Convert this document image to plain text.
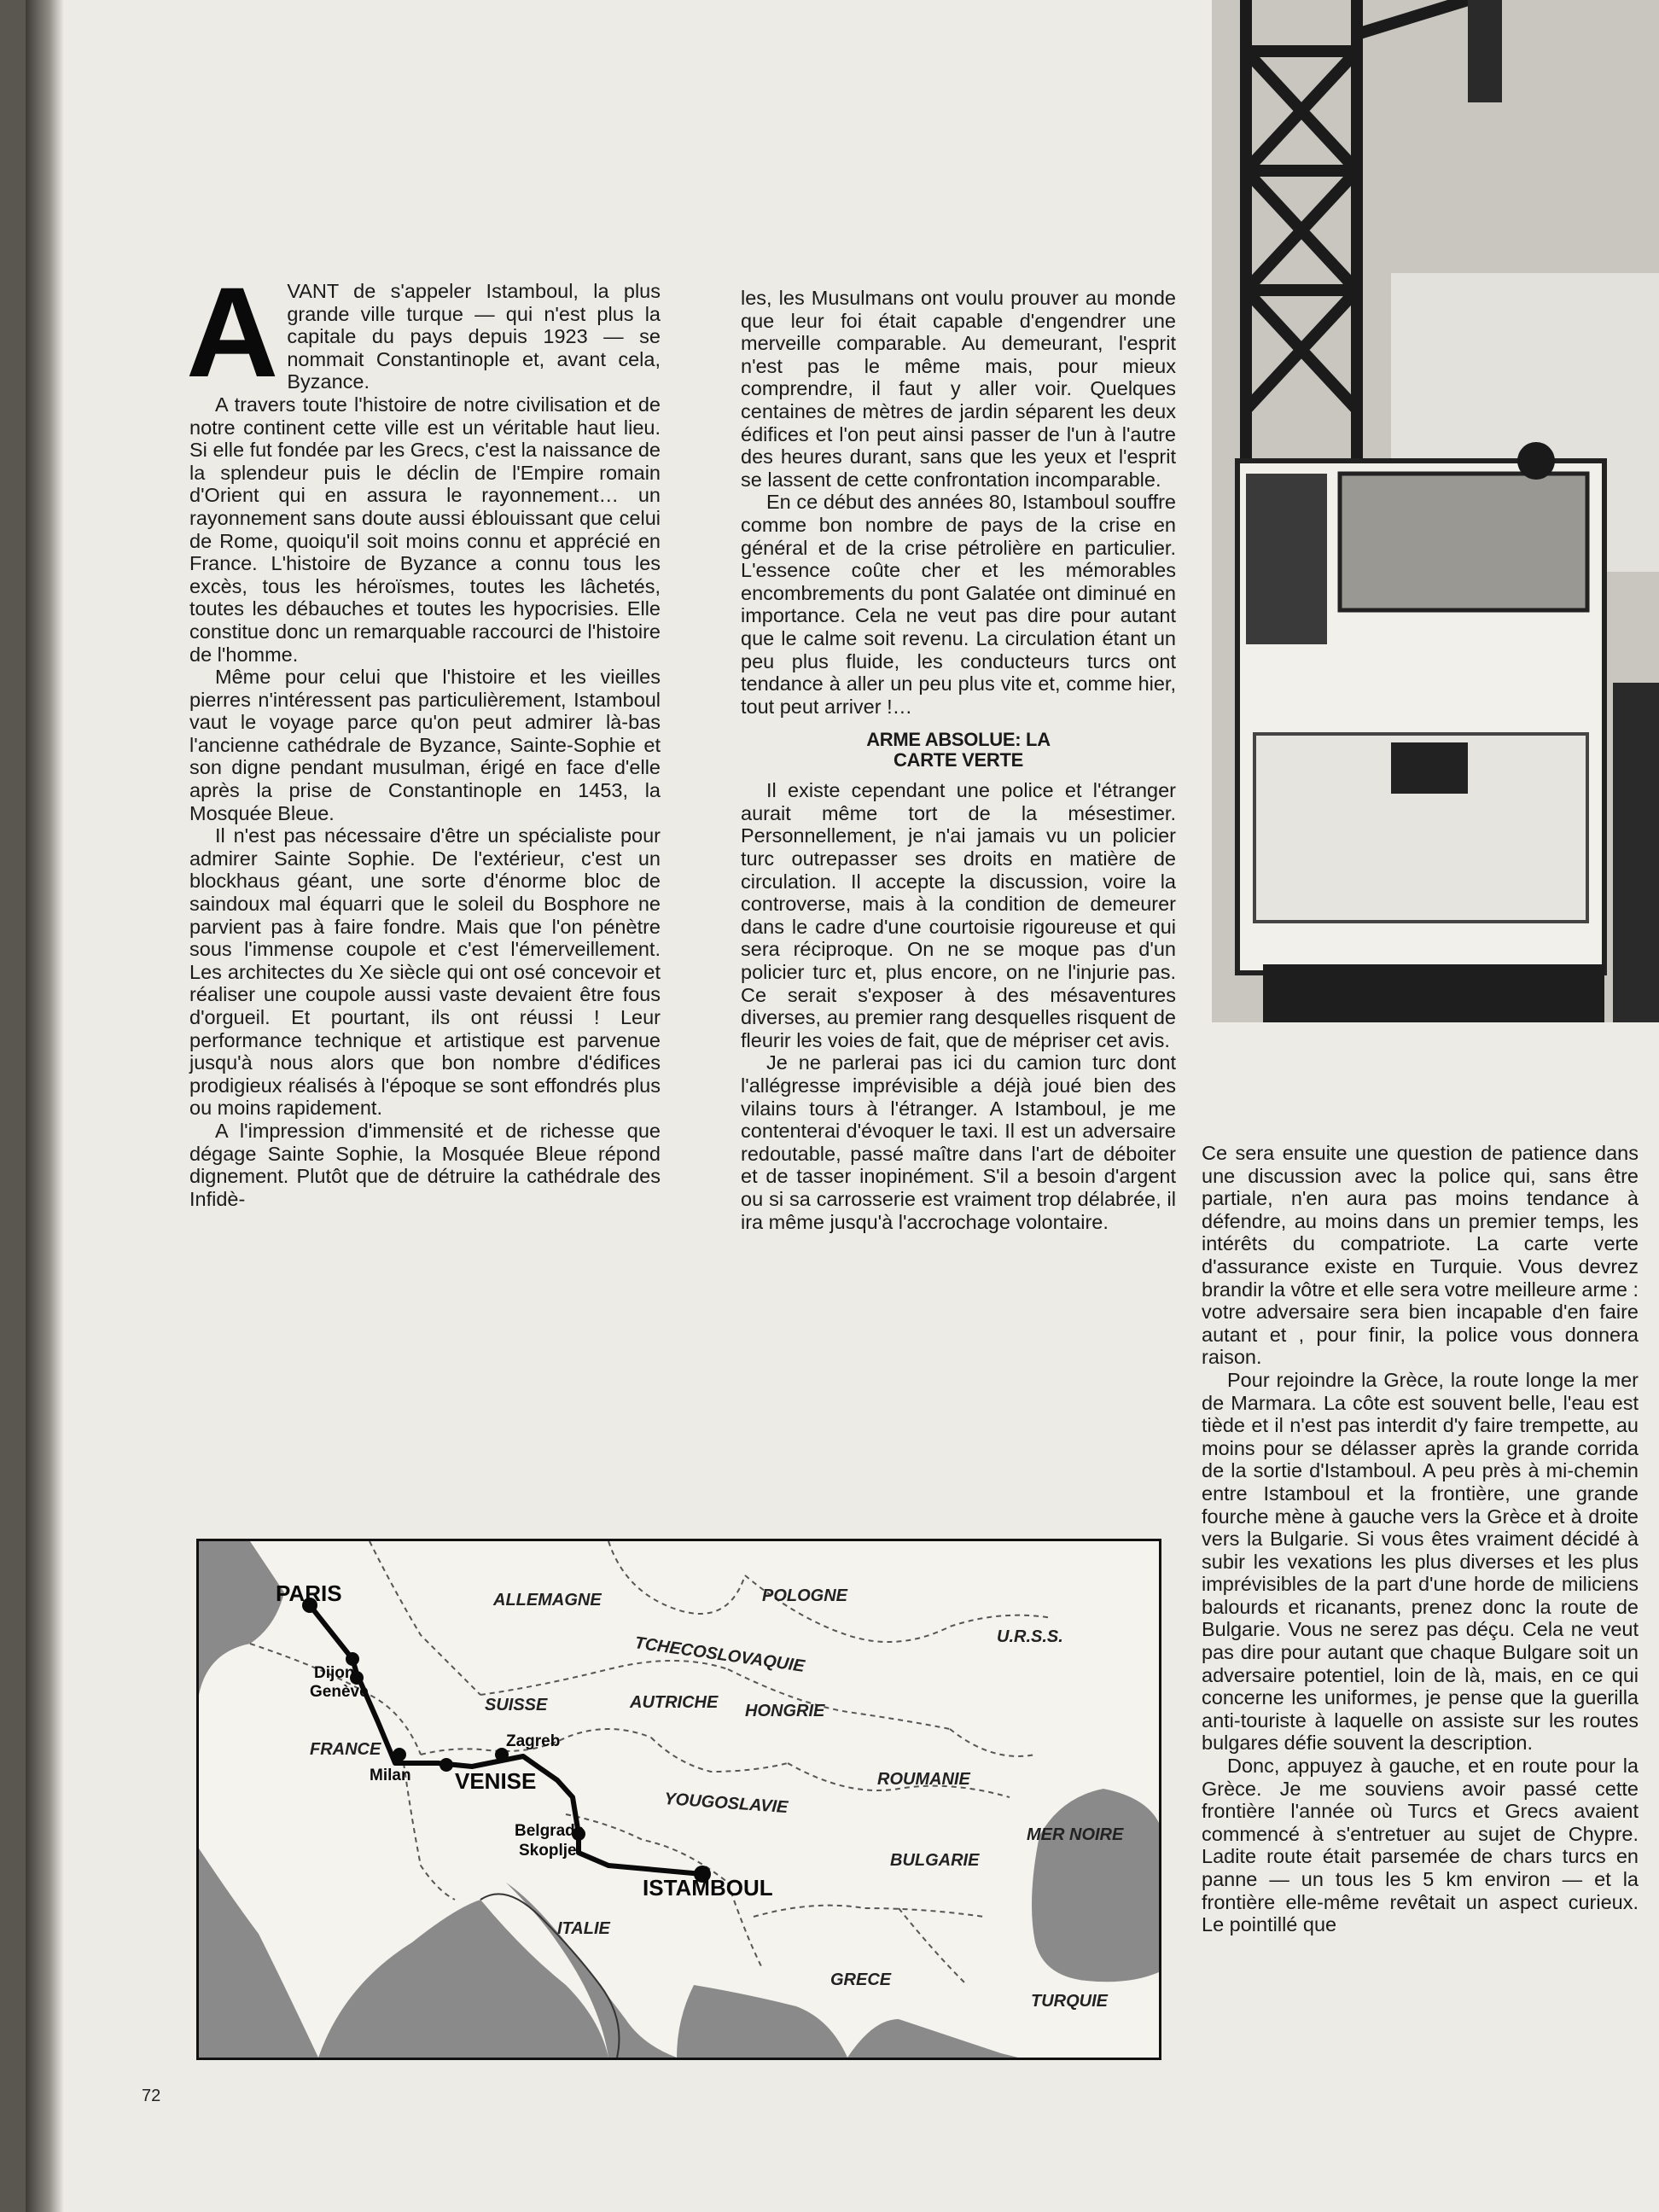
A VANT de s'appeler Istamboul, la plus grande ville turque — qui n'est plus la capitale du pays depuis 1923 — se nommait Constantinople et, avant cela, Byzance.

A travers toute l'histoire de notre civilisation et de notre continent cette ville est un véritable haut lieu. Si elle fut fondée par les Grecs, c'est la naissance de la splendeur puis le déclin de l'Empire romain d'Orient qui en assura le rayonnement… un rayonnement sans doute aussi éblouissant que celui de Rome, quoiqu'il soit moins connu et apprécié en France. L'histoire de Byzance a connu tous les excès, tous les héroïsmes, toutes les lâchetés, toutes les débauches et toutes les hypocrisies. Elle constitue donc un remarquable raccourci de l'histoire de l'homme.

Même pour celui que l'histoire et les vieilles pierres n'intéressent pas particulièrement, Istamboul vaut le voyage parce qu'on peut admirer là-bas l'ancienne cathédrale de Byzance, Sainte-Sophie et son digne pendant musulman, érigé en face d'elle après la prise de Constantinople en 1453, la Mosquée Bleue.

Il n'est pas nécessaire d'être un spécialiste pour admirer Sainte Sophie. De l'extérieur, c'est un blockhaus géant, une sorte d'énorme bloc de saindoux mal équarri que le soleil du Bosphore ne parvient pas à faire fondre. Mais que l'on pénètre sous l'immense coupole et c'est l'émerveillement. Les architectes du Xe siècle qui ont osé concevoir et réaliser une coupole aussi vaste devaient être fous d'orgueil. Et pourtant, ils ont réussi ! Leur performance technique et artistique est parvenue jusqu'à nous alors que bon nombre d'édifices prodigieux réalisés à l'époque se sont effondrés plus ou moins rapidement.

A l'impression d'immensité et de richesse que dégage Sainte Sophie, la Mosquée Bleue répond dignement. Plutôt que de détruire la cathédrale des Infidè-

les, les Musulmans ont voulu prouver au monde que leur foi était capable d'engendrer une merveille comparable. Au demeurant, l'esprit n'est pas le même mais, pour mieux comprendre, il faut y aller voir. Quelques centaines de mètres de jardin séparent les deux édifices et l'on peut ainsi passer de l'un à l'autre des heures durant, sans que les yeux et l'esprit se lassent de cette confrontation incomparable.

En ce début des années 80, Istamboul souffre comme bon nombre de pays de la crise en général et de la crise pétrolière en particulier. L'essence coûte cher et les mémorables encombrements du pont Galatée ont diminué en importance. Cela ne veut pas dire pour autant que le calme soit revenu. La circulation étant un peu plus fluide, les conducteurs turcs ont tendance à aller un peu plus vite et, comme hier, tout peut arriver !…

ARME ABSOLUE: LA
CARTE VERTE

Il existe cependant une police et l'étranger aurait même tort de la mésestimer. Personnellement, je n'ai jamais vu un policier turc outrepasser ses droits en matière de circulation. Il accepte la discussion, voire la controverse, mais à la condition de demeurer dans le cadre d'une courtoisie rigoureuse et qui sera réciproque. On ne se moque pas d'un policier turc et, plus encore, on ne l'injurie pas. Ce serait s'exposer à des mésaventures diverses, au premier rang desquelles risquent de fleurir les voies de fait, que de mépriser cet avis.

Je ne parlerai pas ici du camion turc dont l'allégresse imprévisible a déjà joué bien des vilains tours à l'étranger. A Istamboul, je me contenterai d'évoquer le taxi. Il est un adversaire redoutable, passé maître dans l'art de déboiter et de tasser inopinément. S'il a besoin d'argent ou si sa carrosserie est vraiment trop délabrée, il ira même jusqu'à l'accrochage volontaire.

Ce sera ensuite une question de patience dans une discussion avec la police qui, sans être partiale, n'en aura pas moins tendance à défendre, au moins dans un premier temps, les intérêts du compatriote. La carte verte d'assurance existe en Turquie. Vous devrez brandir la vôtre et elle sera votre meilleure arme : votre adversaire sera bien incapable d'en faire autant et , pour finir, la police vous donnera raison.

Pour rejoindre la Grèce, la route longe la mer de Marmara. La côte est souvent belle, l'eau est tiède et il n'est pas interdit d'y faire trempette, au moins pour se délasser après la grande corrida de la sortie d'Istamboul. A peu près à mi-chemin entre Istamboul et la frontière, une grande fourche mène à gauche vers la Grèce et à droite vers la Bulgarie. Si vous êtes vraiment décidé à subir les vexations les plus diverses et les plus imprévisibles de la part d'une horde de miliciens balourds et ricanants, prenez donc la route de Bulgarie. Vous ne serez pas déçu. Cela ne veut pas dire pour autant que chaque Bulgare soit un adversaire potentiel, loin de là, mais, en ce qui concerne les uniformes, je pense que la guerilla anti-touriste à laquelle on assiste sur les routes bulgares défie souvent la description.

Donc, appuyez à gauche, et en route pour la Grèce. Je me souviens avoir passé cette frontière l'année où Turcs et Grecs avaient commencé à s'entretuer au sujet de Chypre. Ladite route était parsemée de chars turcs en panne — un tous les 5 km environ — et la frontière elle-même revêtait un aspect curieux. Le pointillé que

ALLEMAGNE	POLOGNE
TCHECOSLOVAQUIE	U.R.S.S.
SUISSE	AUTRICHE HONGRIE
FRANCE
ROUMANIE
YOUGOSLAVIE
BULGARIE
MER NOIRE
ITALIE
GRECE
TURQUIE
PARIS
Dijon
Genève
Milan VENISE
Zagreb
Belgrade
Skoplje
ISTAMBOUL
72
